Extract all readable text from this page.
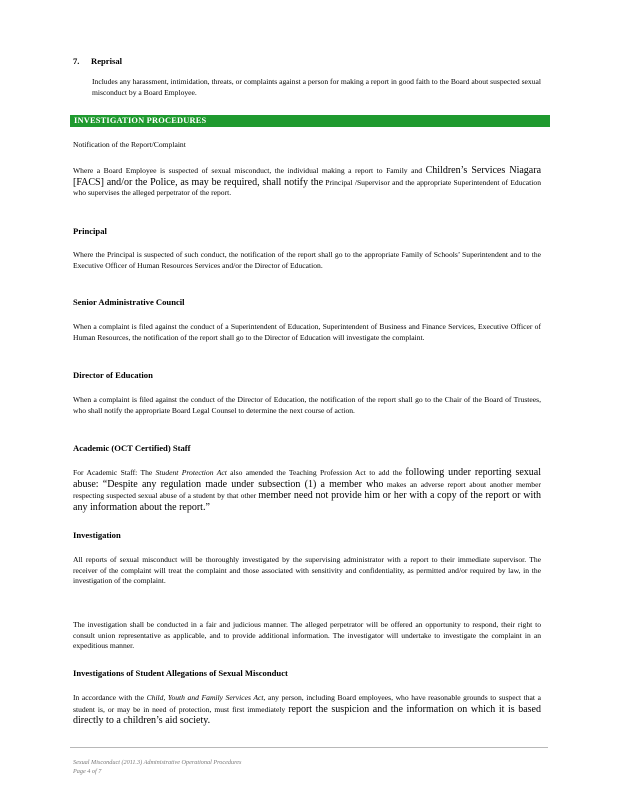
7. Reprisal
Includes any harassment, intimidation, threats, or complaints against a person for making a report in good faith to the Board about suspected sexual misconduct by a Board Employee.
INVESTIGATION PROCEDURES
Notification of the Report/Complaint
Where a Board Employee is suspected of sexual misconduct, the individual making a report to Family and Children’s Services Niagara [FACS] and/or the Police, as may be required, shall notify the Principal /Supervisor and the appropriate Superintendent of Education who supervises the alleged perpetrator of the report.
Principal
Where the Principal is suspected of such conduct, the notification of the report shall go to the appropriate Family of Schools’ Superintendent and to the Executive Officer of Human Resources Services and/or the Director of Education.
Senior Administrative Council
When a complaint is filed against the conduct of a Superintendent of Education, Superintendent of Business and Finance Services, Executive Officer of Human Resources, the notification of the report shall go to the Director of Education will investigate the complaint.
Director of Education
When a complaint is filed against the conduct of the Director of Education, the notification of the report shall go to the Chair of the Board of Trustees, who shall notify the appropriate Board Legal Counsel to determine the next course of action.
Academic (OCT Certified) Staff
For Academic Staff: The Student Protection Act also amended the Teaching Profession Act to add the following under reporting sexual abuse: “Despite any regulation made under subsection (1) a member who makes an adverse report about another member respecting suspected sexual abuse of a student by that other member need not provide him or her with a copy of the report or with any information about the report.”
Investigation
All reports of sexual misconduct will be thoroughly investigated by the supervising administrator with a report to their immediate supervisor. The receiver of the complaint will treat the complaint and those associated with sensitivity and confidentiality, as permitted and/or required by law, in the investigation of the complaint.
The investigation shall be conducted in a fair and judicious manner. The alleged perpetrator will be offered an opportunity to respond, their right to consult union representative as applicable, and to provide additional information. The investigator will undertake to investigate the complaint in an expeditious manner.
Investigations of Student Allegations of Sexual Misconduct
In accordance with the Child, Youth and Family Services Act, any person, including Board employees, who have reasonable grounds to suspect that a student is, or may be in need of protection, must first immediately report the suspicion and the information on which it is based directly to a children’s aid society.
Sexual Misconduct (2011.3) Administrative Operational Procedures
Page 4 of 7
